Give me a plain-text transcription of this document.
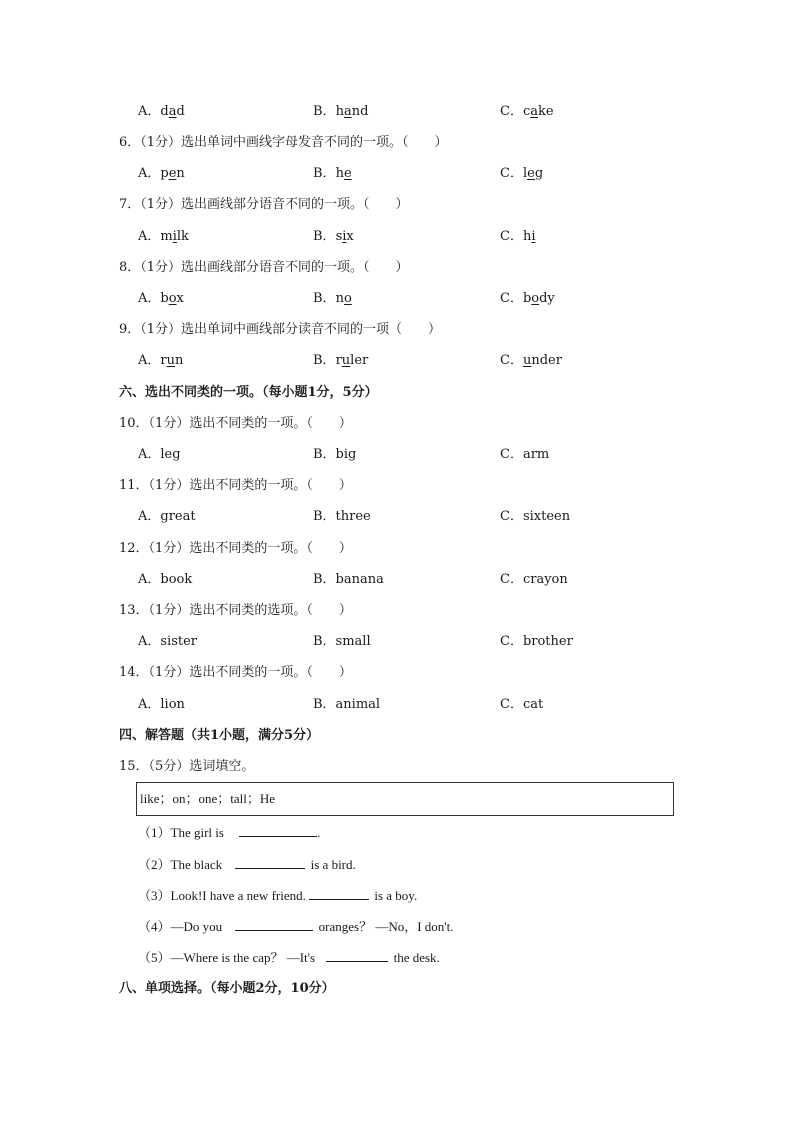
A．dad	B．hand	C．cake
6．（1分）选出单词中画线字母发音不同的一项。（　　）
A．pen	B．he	C．leg
7．（1分）选出画线部分语音不同的一项。（　　）
A．milk	B．six	C．hi
8．（1分）选出画线部分语音不同的一项。（　　）
A．box	B．no	C．body
9．（1分）选出单词中画线部分读音不同的一项（　　）
A．run	B．ruler	C．under
六、选出不同类的一项。（每小题1分，5分）
10．（1分）选出不同类的一项。（　　）
A．leg	B．big	C．arm
11．（1分）选出不同类的一项。（　　）
A．great	B．three	C．sixteen
12．（1分）选出不同类的一项。（　　）
A．book	B．banana	C．crayon
13．（1分）选出不同类的选项。（　　）
A．sister	B．small	C．brother
14．（1分）选出不同类的一项。（　　）
A．lion	B．animal	C．cat
四、解答题（共1小题，满分5分）
15．（5分）选词填空。
like；on；one；tall；He
（1）The girl is	.
（2）The black	is a bird.
（3）Look!I have a new friend.	is a boy.
（4）—Do you	oranges？ —No，I don't.
（5）—Where is the cap？ —It's	the desk.
八、单项选择。（每小题2分，10分）
